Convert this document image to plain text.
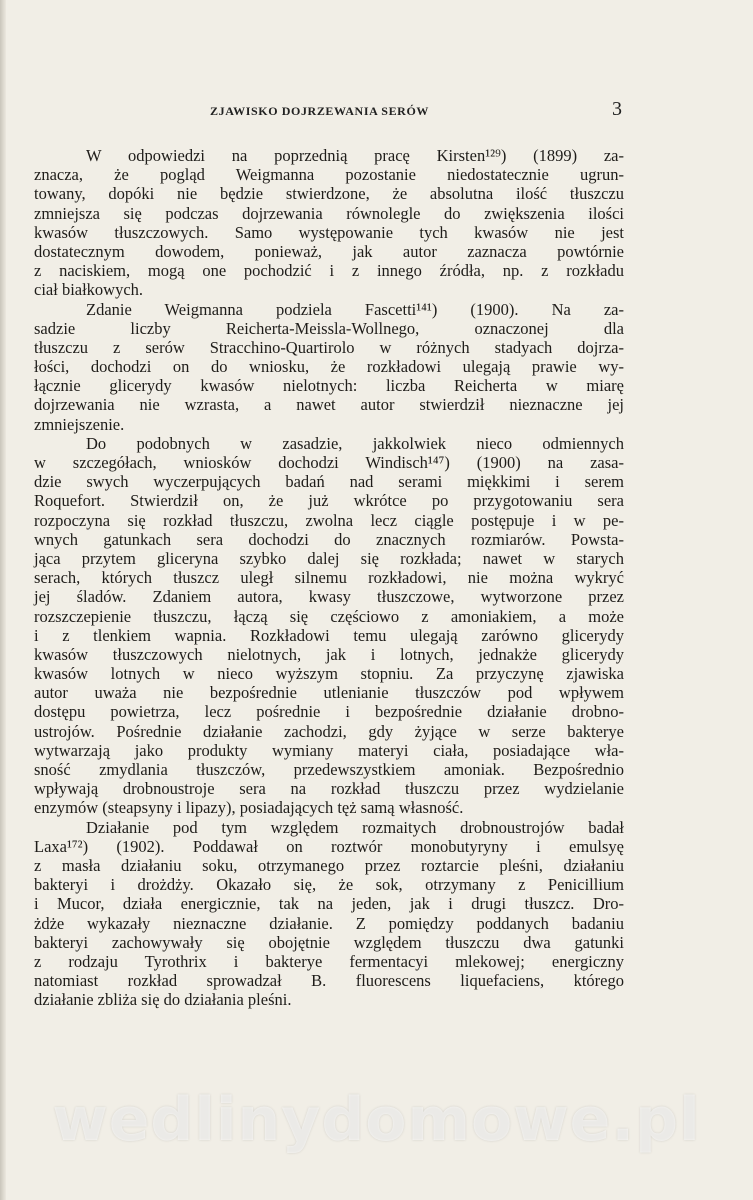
ZJAWISKO DOJRZEWANIA SERÓW	3
W odpowiedzi na poprzednią pracę Kirsten¹²⁹) (1899) za-
znacza, że pogląd Weigmanna pozostanie niedostatecznie ugrun-
towany, dopóki nie będzie stwierdzone, że absolutna ilość tłuszczu
zmniejsza się podczas dojrzewania równolegle do zwiększenia ilości
kwasów tłuszczowych. Samo występowanie tych kwasów nie jest
dostatecznym dowodem, ponieważ, jak autor zaznacza powtórnie
z naciskiem, mogą one pochodzić i z innego źródła, np. z rozkładu
ciał białkowych.
Zdanie Weigmanna podziela Fascetti¹⁴¹) (1900). Na za-
sadzie liczby Reicherta-Meissla-Wollnego, oznaczonej dla
tłuszczu z serów Stracchino-Quartirolo w różnych stadyach dojrza-
łości, dochodzi on do wniosku, że rozkładowi ulegają prawie wy-
łącznie glicerydy kwasów nielotnych: liczba Reicherta w miarę
dojrzewania nie wzrasta, a nawet autor stwierdził nieznaczne jej
zmniejszenie.
Do podobnych w zasadzie, jakkolwiek nieco odmiennych
w szczegółach, wniosków dochodzi Windisch¹⁴⁷) (1900) na zasa-
dzie swych wyczerpujących badań nad serami miękkimi i serem
Roquefort. Stwierdził on, że już wkrótce po przygotowaniu sera
rozpoczyna się rozkład tłuszczu, zwolna lecz ciągle postępuje i w pe-
wnych gatunkach sera dochodzi do znacznych rozmiarów. Powsta-
jąca przytem gliceryna szybko dalej się rozkłada; nawet w starych
serach, których tłuszcz uległ silnemu rozkładowi, nie można wykryć
jej śladów. Zdaniem autora, kwasy tłuszczowe, wytworzone przez
rozszczepienie tłuszczu, łączą się częściowo z amoniakiem, a może
i z tlenkiem wapnia. Rozkładowi temu ulegają zarówno glicerydy
kwasów tłuszczowych nielotnych, jak i lotnych, jednakże glicerydy
kwasów lotnych w nieco wyższym stopniu. Za przyczynę zjawiska
autor uważa nie bezpośrednie utlenianie tłuszczów pod wpływem
dostępu powietrza, lecz pośrednie i bezpośrednie działanie drobno-
ustrojów. Pośrednie działanie zachodzi, gdy żyjące w serze bakterye
wytwarzają jako produkty wymiany materyi ciała, posiadające wła-
sność zmydlania tłuszczów, przedewszystkiem amoniak. Bezpośrednio
wpływają drobnoustroje sera na rozkład tłuszczu przez wydzielanie
enzymów (steapsyny i lipazy), posiadających tęż samą własność.
Działanie pod tym względem rozmaitych drobnoustrojów badał
Laxa¹⁷²) (1902). Poddawał on roztwór monobutyryny i emulsyę
z masła działaniu soku, otrzymanego przez roztarcie pleśni, działaniu
bakteryi i drożdży. Okazało się, że sok, otrzymany z Penicillium
i Mucor, działa energicznie, tak na jeden, jak i drugi tłuszcz. Dro-
żdże wykazały nieznaczne działanie. Z pomiędzy poddanych badaniu
bakteryi zachowywały się obojętnie względem tłuszczu dwa gatunki
z rodzaju Tyrothrix i bakterye fermentacyi mlekowej; energiczny
natomiast rozkład sprowadzał B. fluorescens liquefaciens, którego
działanie zbliża się do działania pleśni.
wedlinydomowe.pl
